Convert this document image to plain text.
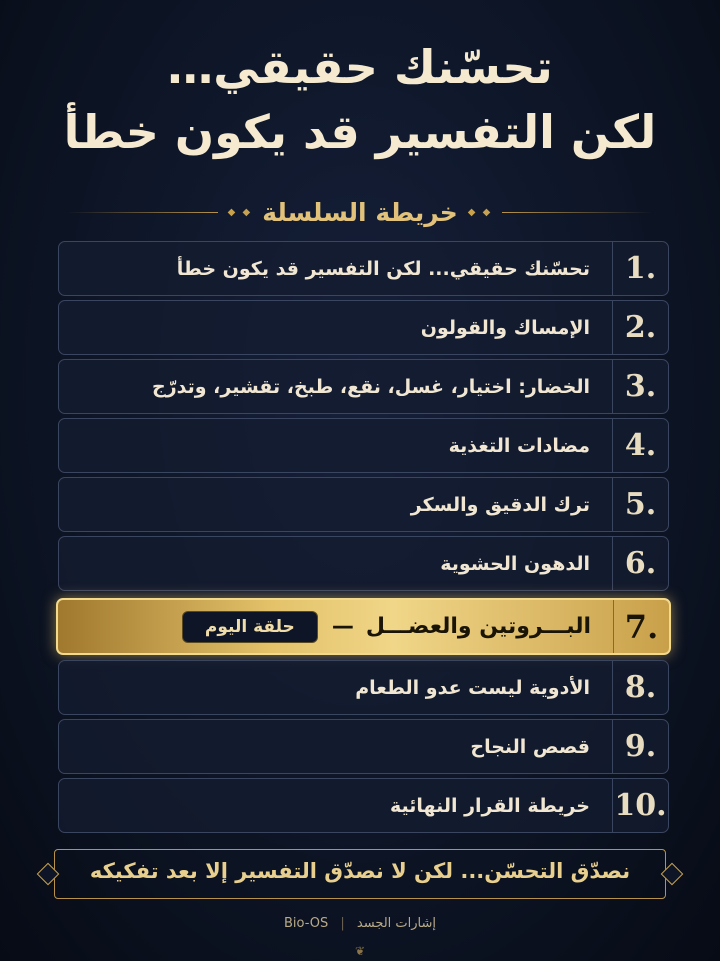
تحسّنك حقيقي…
لكن التفسير قد يكون خطأ
◆ ◆ خريطة السلسلة ◆ ◆
1.
تحسّنك حقيقي... لكن التفسير قد يكون خطأ
2.
الإمساك والقولون
3.
الخضار: اختيار، غسل، نقع، طبخ، تقشير، وتدرّج
4.
مضادات التغذية
5.
ترك الدقيق والسكر
6.
الدهون الحشوية
7.
البـــروتين والعضـــل
—
حلقة اليوم
8.
الأدوية ليست عدو الطعام
9.
قصص النجاح
10.
خريطة القرار النهائية
نصدّق التحسّن... لكن لا نصدّق التفسير إلا بعد تفكيكه
Bio-OS | إشارات الجسد
❦
